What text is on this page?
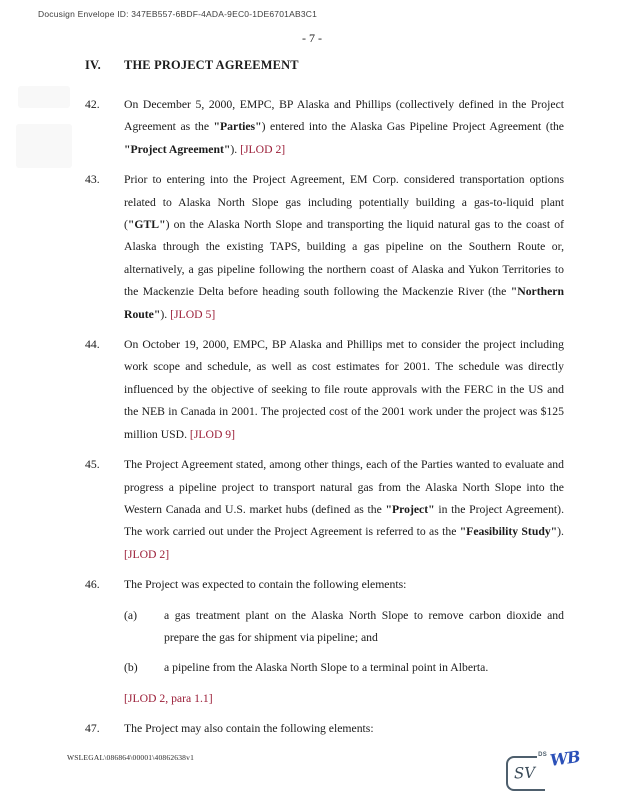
Docusign Envelope ID: 347EB557-6BDF-4ADA-9EC0-1DE6701AB3C1
- 7 -
IV.	THE PROJECT AGREEMENT
42.	On December 5, 2000, EMPC, BP Alaska and Phillips (collectively defined in the Project Agreement as the "Parties") entered into the Alaska Gas Pipeline Project Agreement (the "Project Agreement"). [JLOD 2]
43.	Prior to entering into the Project Agreement, EM Corp. considered transportation options related to Alaska North Slope gas including potentially building a gas-to-liquid plant ("GTL") on the Alaska North Slope and transporting the liquid natural gas to the coast of Alaska through the existing TAPS, building a gas pipeline on the Southern Route or, alternatively, a gas pipeline following the northern coast of Alaska and Yukon Territories to the Mackenzie Delta before heading south following the Mackenzie River (the "Northern Route"). [JLOD 5]
44.	On October 19, 2000, EMPC, BP Alaska and Phillips met to consider the project including work scope and schedule, as well as cost estimates for 2001. The schedule was directly influenced by the objective of seeking to file route approvals with the FERC in the US and the NEB in Canada in 2001. The projected cost of the 2001 work under the project was $125 million USD. [JLOD 9]
45.	The Project Agreement stated, among other things, each of the Parties wanted to evaluate and progress a pipeline project to transport natural gas from the Alaska North Slope into the Western Canada and U.S. market hubs (defined as the "Project" in the Project Agreement). The work carried out under the Project Agreement is referred to as the "Feasibility Study"). [JLOD 2]
46.	The Project was expected to contain the following elements:
(a)	a gas treatment plant on the Alaska North Slope to remove carbon dioxide and prepare the gas for shipment via pipeline; and
(b)	a pipeline from the Alaska North Slope to a terminal point in Alberta.
[JLOD 2, para 1.1]
47.	The Project may also contain the following elements:
WSLEGAL\086864\00001\40862638v1	DS
SV
WB
